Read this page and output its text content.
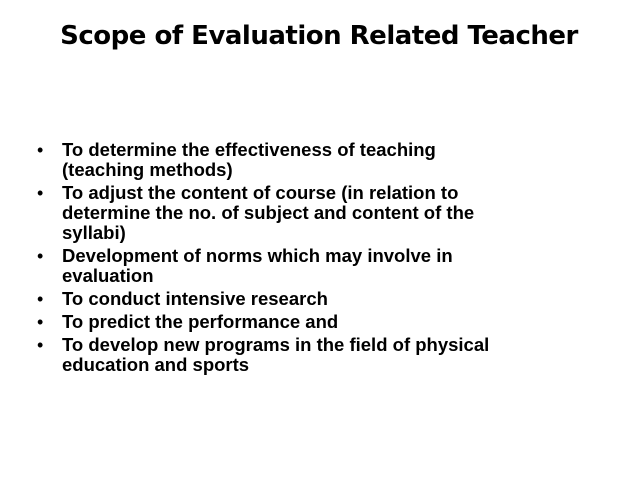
Scope of Evaluation Related Teacher
• To determine the effectiveness of teaching
(teaching methods)
• To adjust the content of course (in relation to
determine the no. of subject and content of the
syllabi)
• Development of norms which may involve in
evaluation
• To conduct intensive research
• To predict the performance and
• To develop new programs in the field of physical
education and sports
